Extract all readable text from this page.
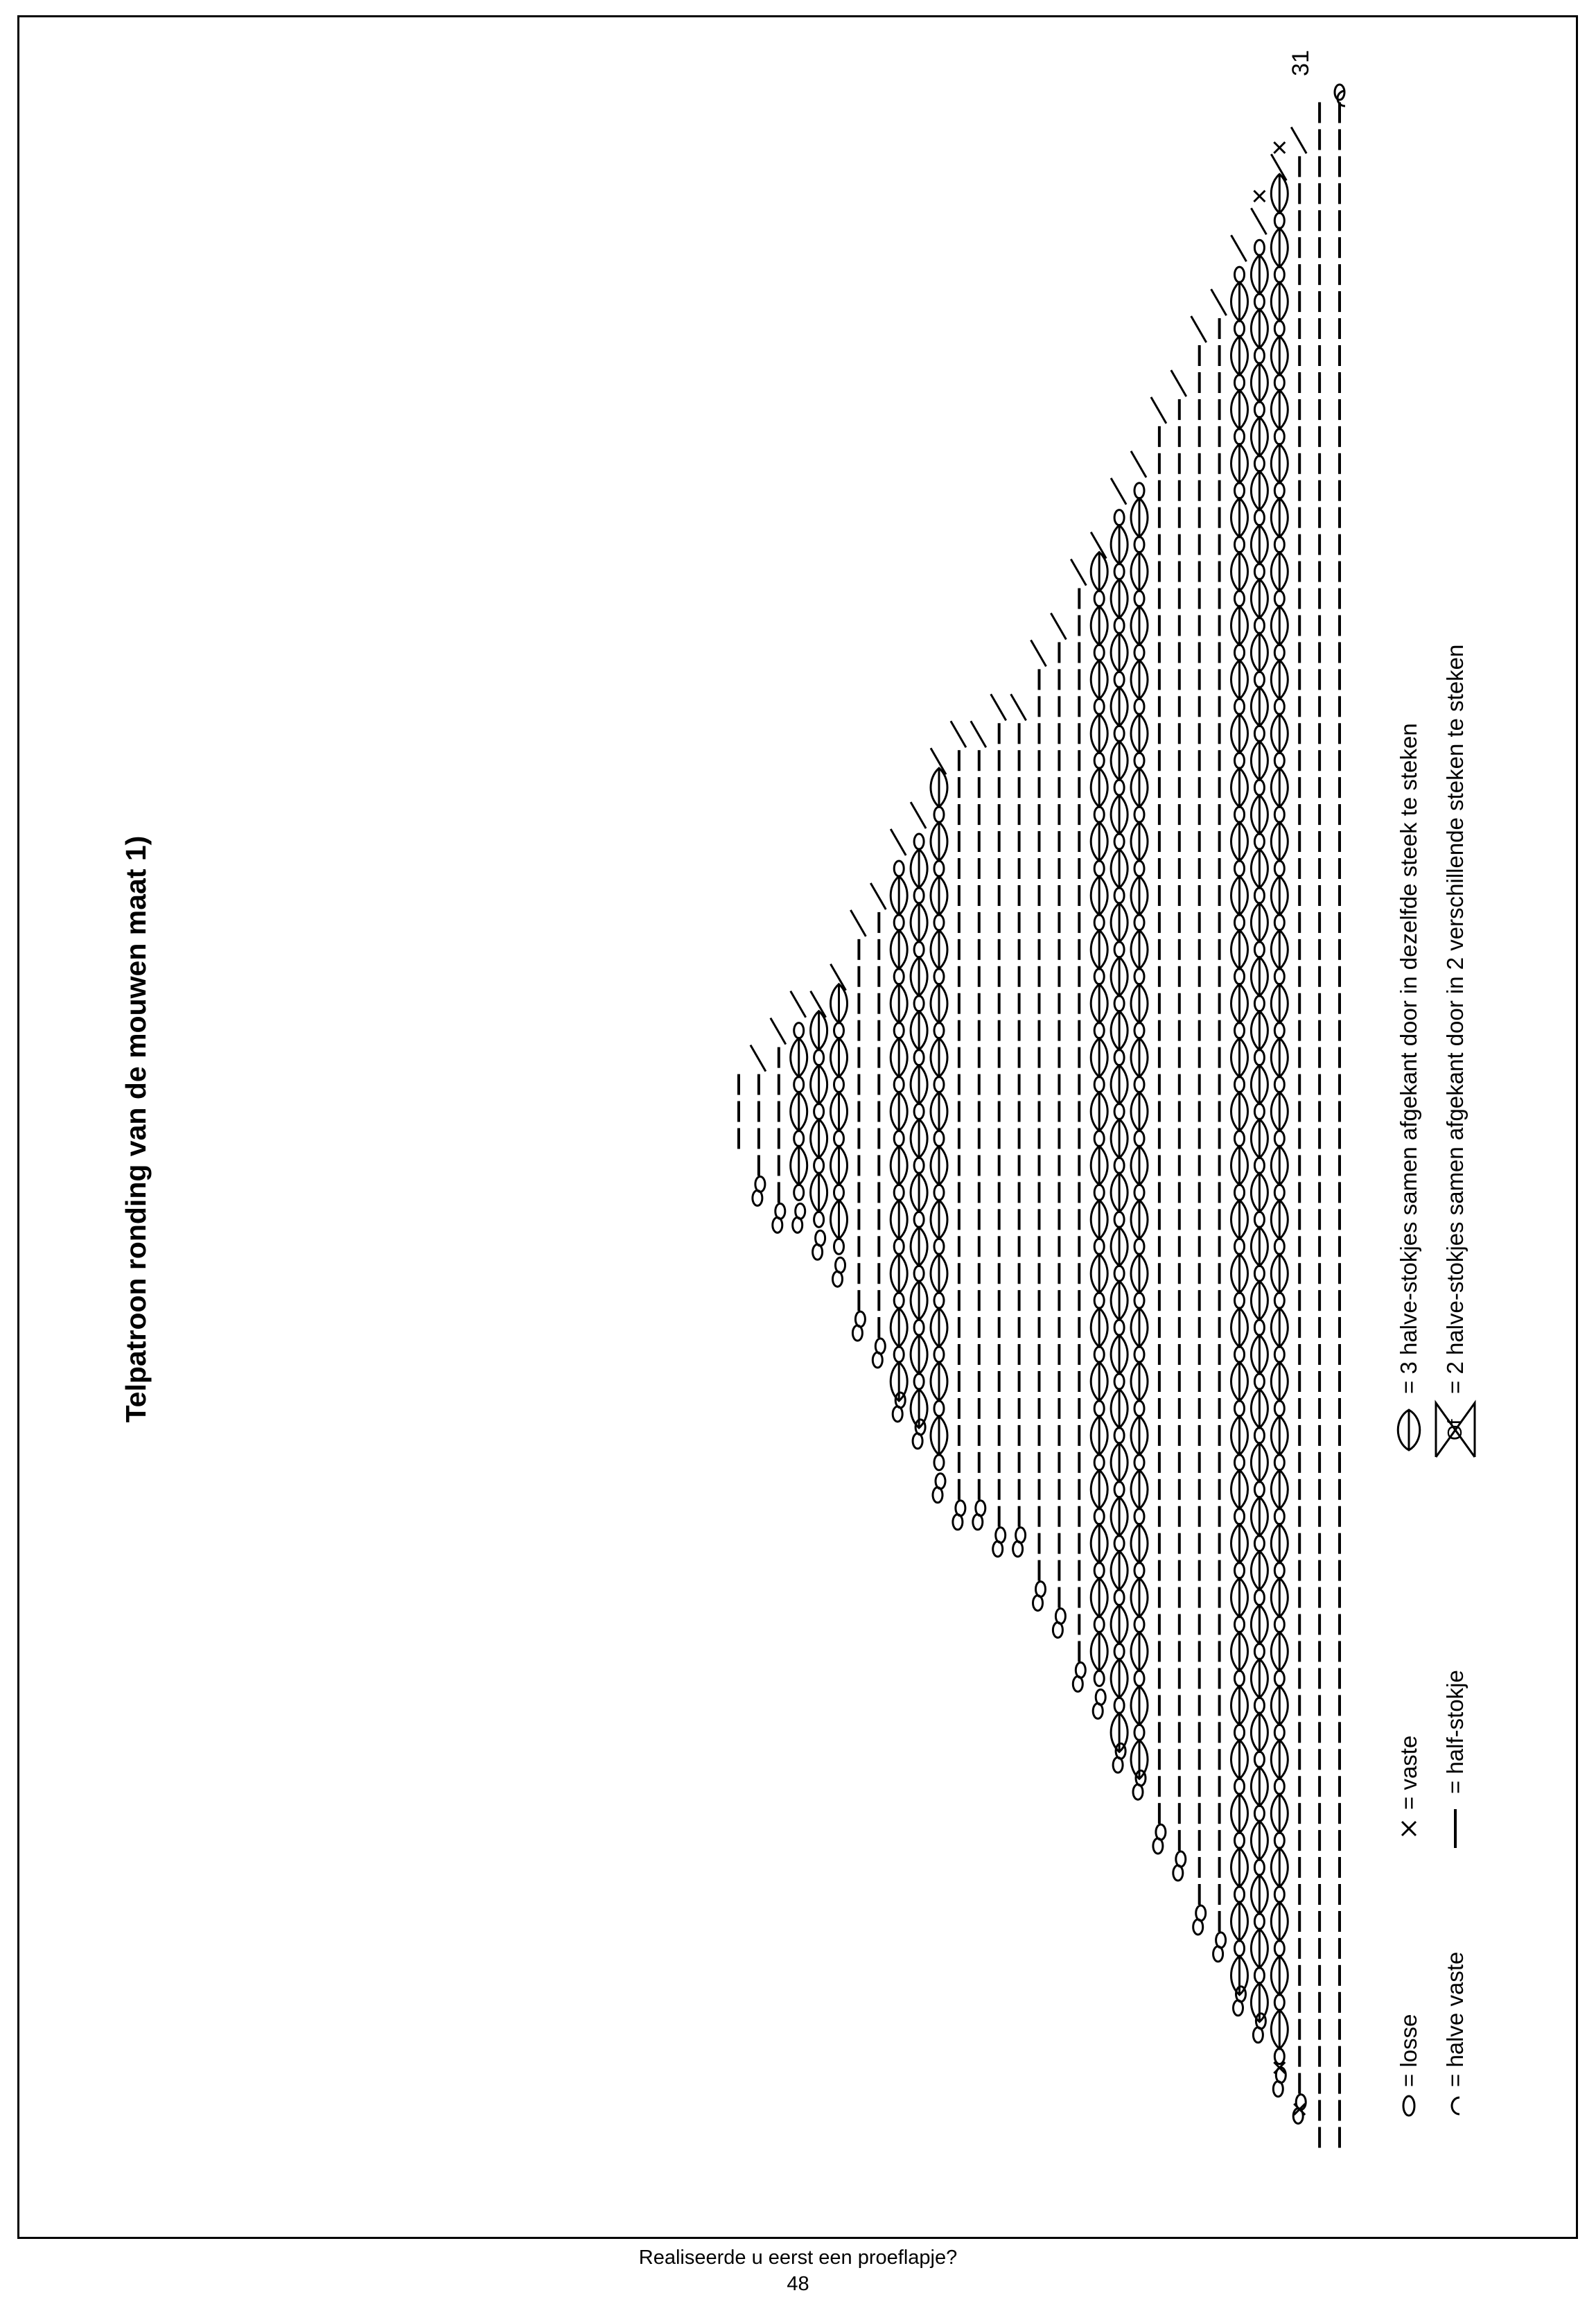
Telpatroon ronding van de mouwen maat 1)
31
= losse = halve vaste
= vaste = half-stokje
= 3 halve-stokjes samen afgekant door in dezelfde steek te steken
Of
= 2 halve-stokjes samen afgekant door in 2 verschillende steken te steken
Realiseerde u eerst een proeflapje?
48
